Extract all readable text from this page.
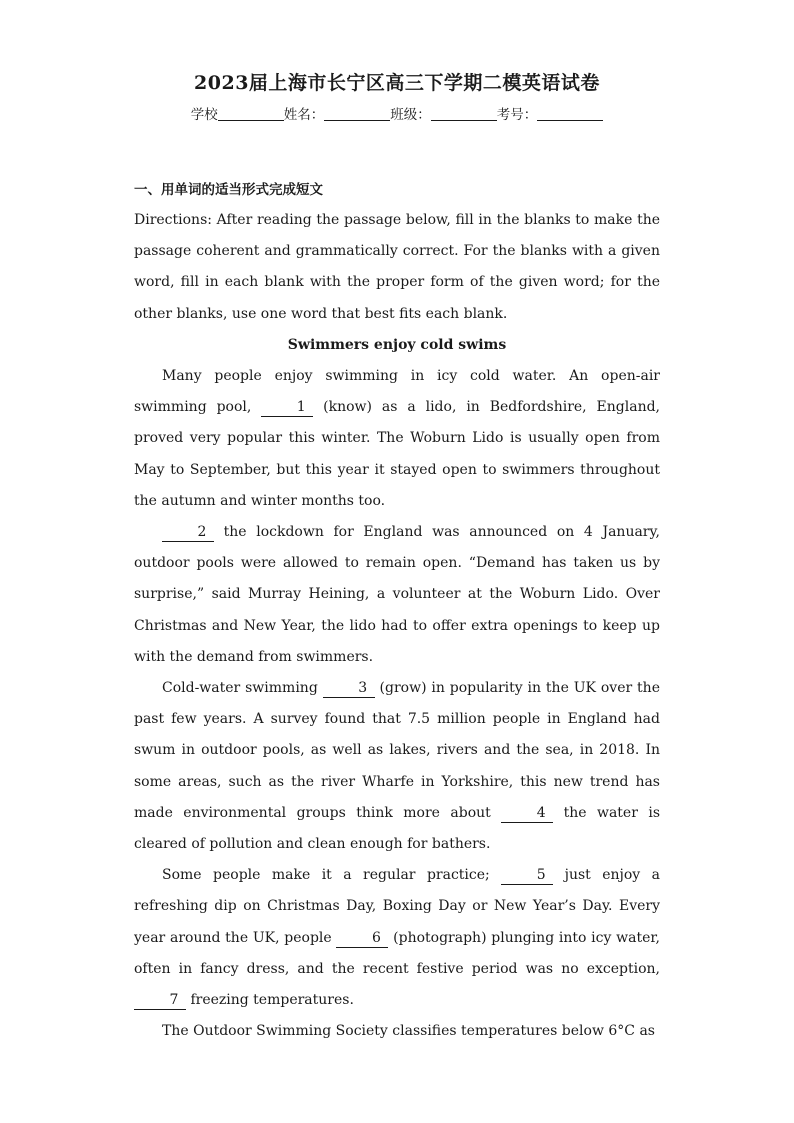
2023届上海市长宁区高三下学期二模英语试卷
学校	姓名：	班级：	考号：
一、用单词的适当形式完成短文

Directions: After reading the passage below, fill in the blanks to make the passage coherent and grammatically correct. For the blanks with a given word, fill in each blank with the proper form of the given word; for the other blanks, use one word that best fits each blank.

Swimmers enjoy cold swims

Many people enjoy swimming in icy cold water. An open-air swimming pool,	1 (know) as a lido, in Bedfordshire, England, proved very popular this winter. The Woburn Lido is usually open from May to September, but this year it stayed open to swimmers throughout the autumn and winter months too.

2 the lockdown for England was announced on 4 January, outdoor pools were allowed to remain open. “Demand has taken us by surprise,” said Murray Heining, a volunteer at the Woburn Lido. Over Christmas and New Year, the lido had to offer extra openings to keep up with the demand from swimmers.

Cold-water swimming	3 (grow) in popularity in the UK over the past few years. A survey found that 7.5 million people in England had swum in outdoor pools, as well as lakes, rivers and the sea, in 2018. In some areas, such as the river Wharfe in Yorkshire, this new trend has made environmental groups think more about	4 the water is cleared of pollution and clean enough for bathers.

Some people make it a regular practice;	5 just enjoy a refreshing dip on Christmas Day, Boxing Day or New Year’s Day. Every year around the UK, people	6 (photograph) plunging into icy water, often in fancy dress, and the recent festive period was no exception, 7 freezing temperatures.

The Outdoor Swimming Society classifies temperatures below 6°C as
